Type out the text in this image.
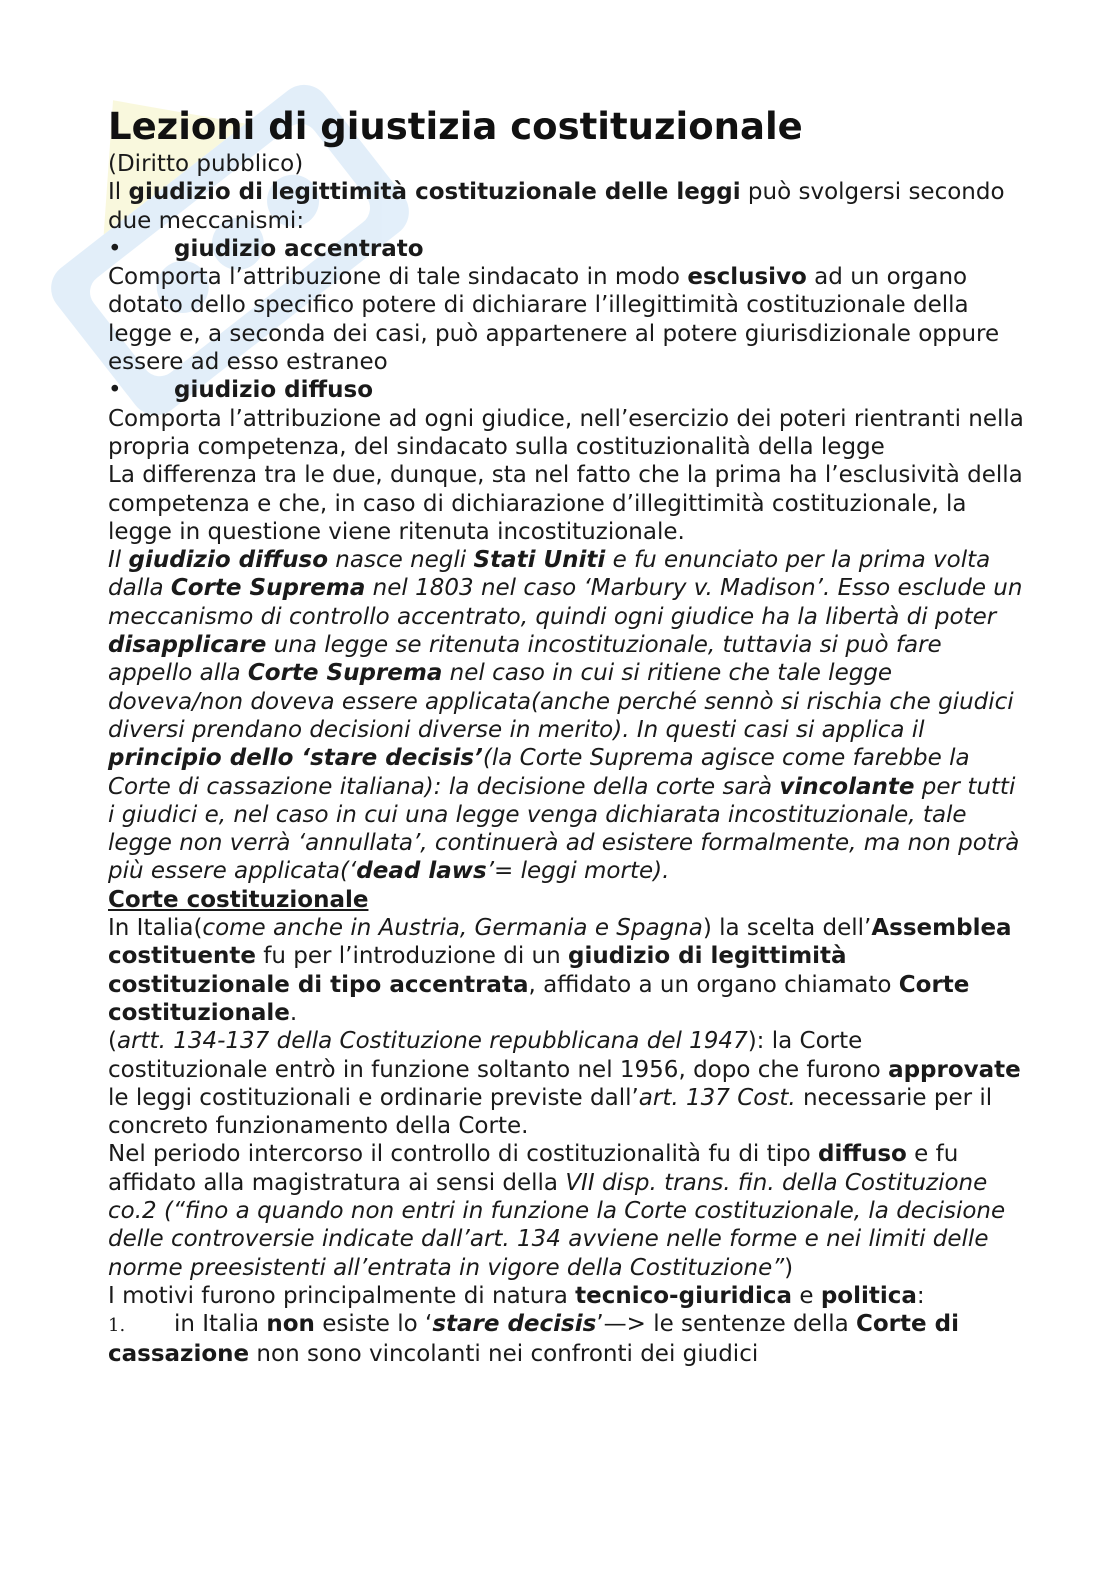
Lezioni di giustizia costituzionale

(Diritto pubblico)

Il giudizio di legittimità costituzionale delle leggi può svolgersi secondo due meccanismi:

•	giudizio accentrato

Comporta l’attribuzione di tale sindacato in modo esclusivo ad un organo dotato dello specifico potere di dichiarare l’illegittimità costituzionale della legge e, a seconda dei casi, può appartenere al potere giurisdizionale oppure essere ad esso estraneo

•	giudizio diffuso

Comporta l’attribuzione ad ogni giudice, nell’esercizio dei poteri rientranti nella propria competenza, del sindacato sulla costituzionalità della legge

La differenza tra le due, dunque, sta nel fatto che la prima ha l’esclusività della competenza e che, in caso di dichiarazione d’illegittimità costituzionale, la legge in questione viene ritenuta incostituzionale.

Il giudizio diffuso nasce negli Stati Uniti e fu enunciato per la prima volta dalla Corte Suprema nel 1803 nel caso ‘Marbury v. Madison’. Esso esclude un meccanismo di controllo accentrato, quindi ogni giudice ha la libertà di poter disapplicare una legge se ritenuta incostituzionale, tuttavia si può fare appello alla Corte Suprema nel caso in cui si ritiene che tale legge doveva/non doveva essere applicata(anche perché sennò si rischia che giudici diversi prendano decisioni diverse in merito). In questi casi si applica il principio dello ‘stare decisis’(la Corte Suprema agisce come farebbe la Corte di cassazione italiana): la decisione della corte sarà vincolante per tutti i giudici e, nel caso in cui una legge venga dichiarata incostituzionale, tale legge non verrà ‘annullata’, continuerà ad esistere formalmente, ma non potrà più essere applicata(‘dead laws’= leggi morte).

Corte costituzionale

In Italia(come anche in Austria, Germania e Spagna) la scelta dell’Assemblea costituente fu per l’introduzione di un giudizio di legittimità costituzionale di tipo accentrata, affidato a un organo chiamato Corte costituzionale.

(artt. 134-137 della Costituzione repubblicana del 1947): la Corte costituzionale entrò in funzione soltanto nel 1956, dopo che furono approvate le leggi costituzionali e ordinarie previste dall’art. 137 Cost. necessarie per il concreto funzionamento della Corte.

Nel periodo intercorso il controllo di costituzionalità fu di tipo diffuso e fu affidato alla magistratura ai sensi della VII disp. trans. fin. della Costituzione co.2 (“fino a quando non entri in funzione la Corte costituzionale, la decisione delle controversie indicate dall’art. 134 avviene nelle forme e nei limiti delle norme preesistenti all’entrata in vigore della Costituzione”)

I motivi furono principalmente di natura tecnico-giuridica e politica:

1. in Italia non esiste lo ‘stare decisis’—> le sentenze della Corte di cassazione non sono vincolanti nei confronti dei giudici
